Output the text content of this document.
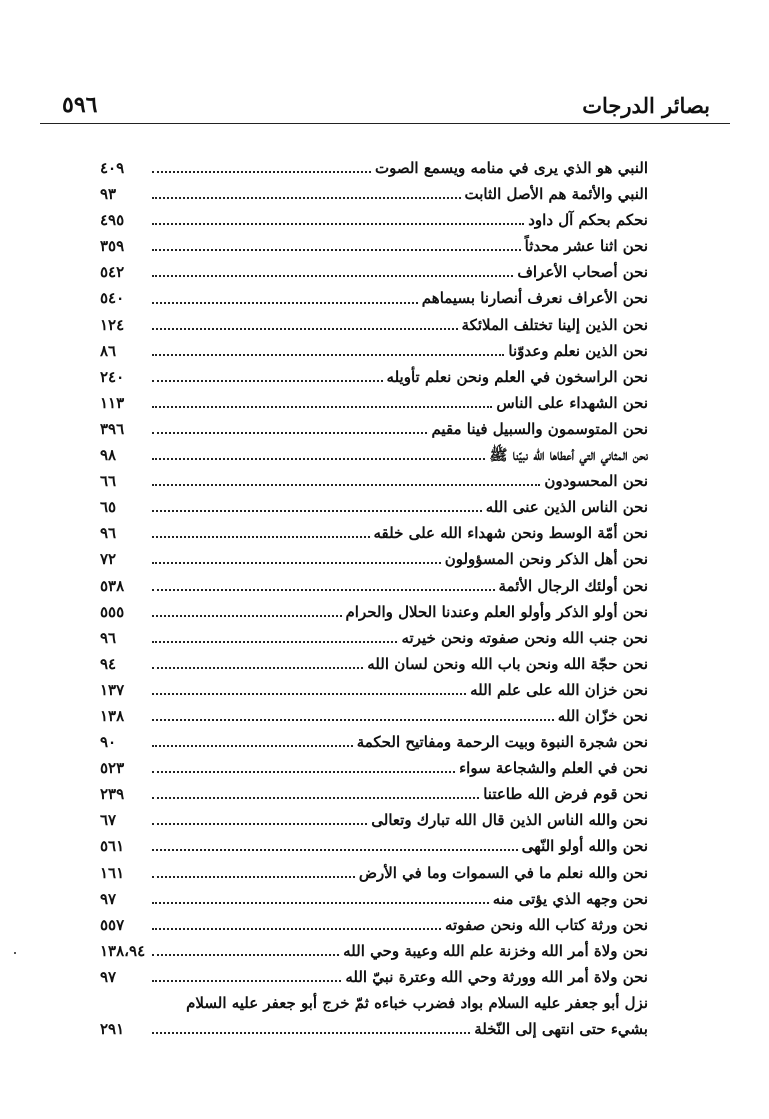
٥٩٦	بصائر الدرجات
النبي هو الذي يرى في منامه ويسمع الصوت
٤٠٩
النبي والأئمة هم الأصل الثابت
٩٣
نحكم بحكم آل داود
٤٩٥
نحن اثنا عشر محدثاً
٣٥٩
نحن أصحاب الأعراف
٥٤٢
نحن الأعراف نعرف أنصارنا بسيماهم
٥٤٠
نحن الذين إلينا تختلف الملائكة
١٢٤
نحن الذين نعلم وعدوّنا
٨٦
نحن الراسخون في العلم ونحن نعلم تأويله
٢٤٠
نحن الشهداء على الناس
١١٣
نحن المتوسمون والسبيل فينا مقيم
٣٩٦
نحن المثاني التي أعطاها الله نبيّنا ﷺ
٩٨
نحن المحسودون
٦٦
نحن الناس الذين عنى الله
٦٥
نحن أمّة الوسط ونحن شهداء الله على خلقه
٩٦
نحن أهل الذكر ونحن المسؤولون
٧٢
نحن أولئك الرجال الأئمة
٥٣٨
نحن أولو الذكر وأولو العلم وعندنا الحلال والحرام
٥٥٥
نحن جنب الله ونحن صفوته ونحن خيرته
٩٦
نحن حجّة الله ونحن باب الله ونحن لسان الله
٩٤
نحن خزان الله على علم الله
١٣٧
نحن خزّان الله
١٣٨
نحن شجرة النبوة وبيت الرحمة ومفاتيح الحكمة
٩٠
نحن في العلم والشجاعة سواء
٥٢٣
نحن قوم فرض الله طاعتنا
٢٣٩
نحن والله الناس الذين قال الله تبارك وتعالى
٦٧
نحن والله أولو النّهى
٥٦١
نحن والله نعلم ما في السموات وما في الأرض
١٦١
نحن وجهه الذي يؤتى منه
٩٧
نحن ورثة كتاب الله ونحن صفوته
٥٥٧
نحن ولاة أمر الله وخزنة علم الله وعيبة وحي الله
١٣٨،٩٤
نحن ولاة أمر الله وورثة وحي الله وعترة نبيّ الله
٩٧
نزل أبو جعفر عليه السلام بواد فضرب خباءه ثمّ خرج أبو جعفر عليه السلام
بشيء حتى انتهى إلى النّخلة
٢٩١
